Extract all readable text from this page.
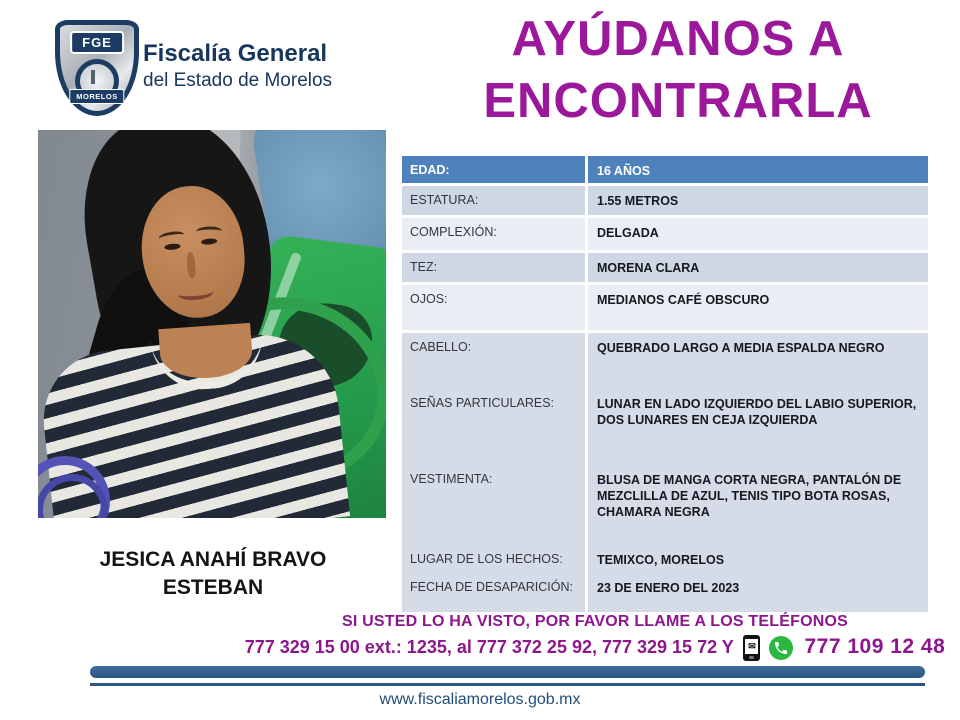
FGE
MORELOS
Fiscalía General
del Estado de Morelos
AYÚDANOS A
ENCONTRARLA
JESICA ANAHÍ BRAVO ESTEBAN
EDAD:	16 AÑOS
ESTATURA:	1.55 METROS
COMPLEXIÓN:	DELGADA
TEZ:	MORENA CLARA
OJOS:	MEDIANOS CAFÉ OBSCURO
CABELLO:	QUEBRADO LARGO A MEDIA ESPALDA NEGRO
SEÑAS PARTICULARES:	LUNAR EN LADO IZQUIERDO DEL LABIO SUPERIOR, DOS LUNARES EN CEJA IZQUIERDA
VESTIMENTA:	BLUSA DE MANGA CORTA NEGRA, PANTALÓN DE MEZCLILLA DE AZUL, TENIS TIPO BOTA ROSAS, CHAMARA NEGRA
LUGAR DE LOS HECHOS:	TEMIXCO, MORELOS
FECHA DE DESAPARICIÓN:	23 DE ENERO DEL 2023
SI USTED LO HA VISTO, POR FAVOR LLAME A LOS TELÉFONOS
777 329 15 00 ext.: 1235, al 777 372 25 92, 777 329 15 72 Y	✉
777 109 12 48
www.fiscaliamorelos.gob.mx
